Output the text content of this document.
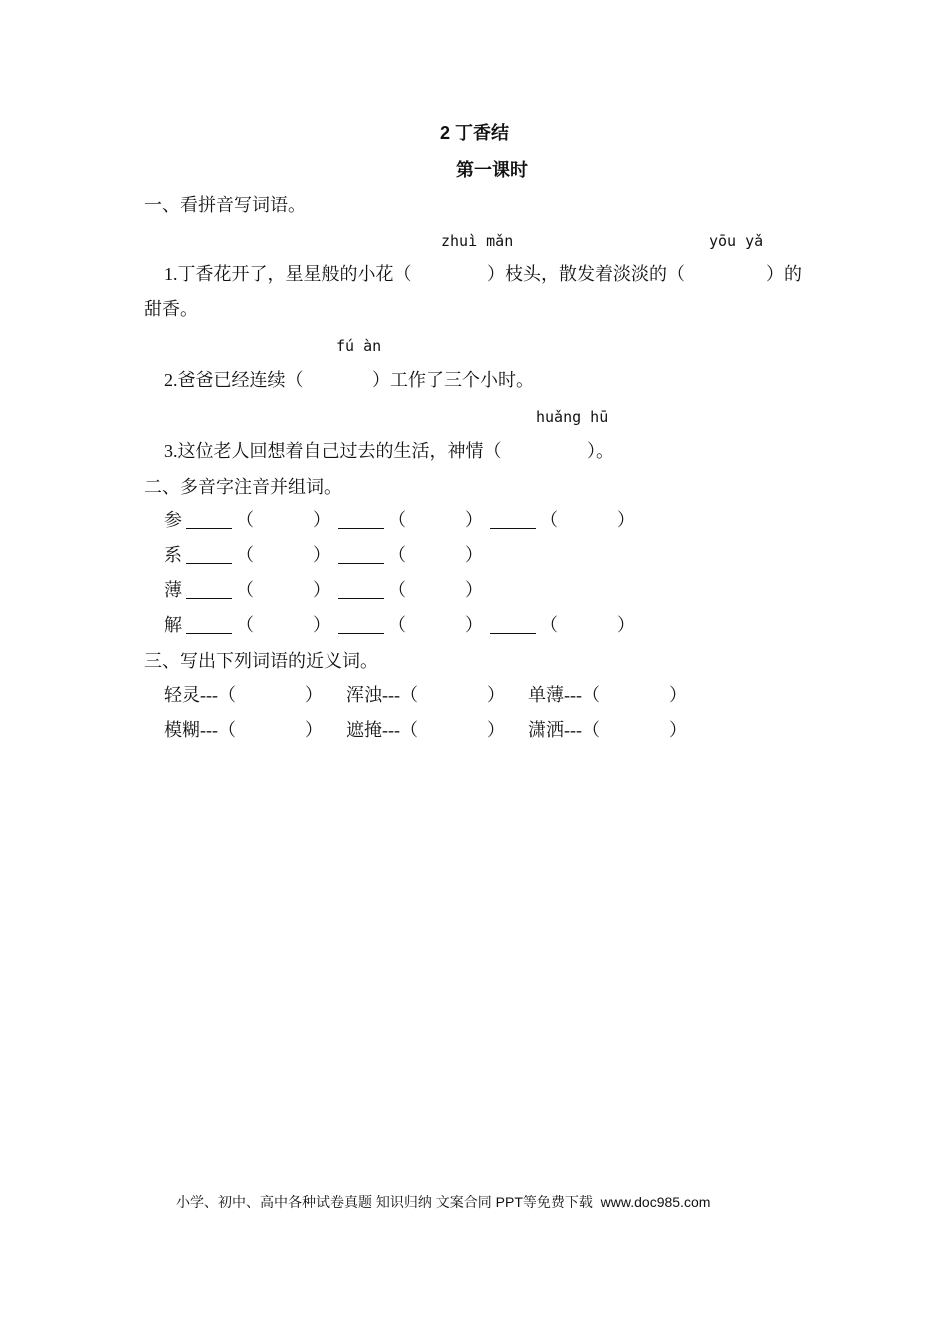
2 丁香结
第一课时
一、看拼音写词语。
zhuì mǎn	yōu yǎ
1.丁香花开了，星星般的小花（	）枝头，散发着淡淡的（	）的
甜香。
fú àn
2.爸爸已经连续（	）工作了三个小时。
huǎng hū
3.这位老人回想着自己过去的生活，神情（	）。
二、多音字注音并组词。
参	（	）	（	）	（	）
系	（	）	（	）
薄	（	）	（	）
解	（	）	（	）	（	）
三、写出下列词语的近义词。
轻灵 ---（	） 浑浊 ---（	） 单薄 ---（	）
模糊 ---（	） 遮掩 ---（	） 潇洒 ---（	）
小学、初中、高中各种试卷真题 知识归纳 文案合同 PPT等免费下载  www.doc985.com
